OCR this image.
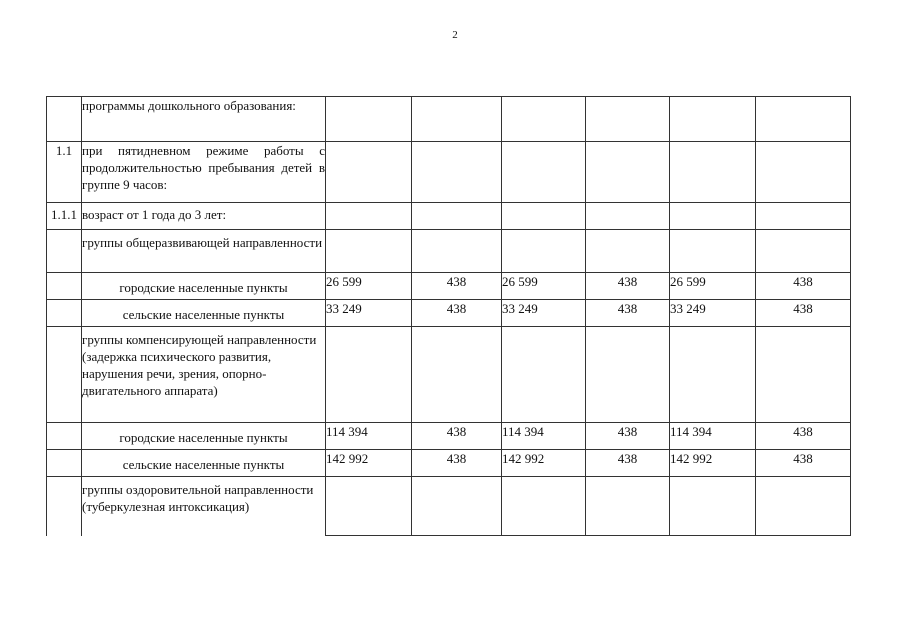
2
	программы дошкольного образования:						
1.1	при пятидневном режиме работы с продолжительностью пребывания детей в группе 9 часов:						
1.1.1	возраст от 1 года до 3 лет:						
	группы общеразвивающей направленности						
	городские населенные пункты	26 599	438	26 599	438	26 599	438
	сельские населенные пункты	33 249	438	33 249	438	33 249	438
	группы компенсирующей направленности (задержка психического развития, нарушения речи, зрения, опорно-двигательного аппарата)						
	городские населенные пункты	114 394	438	114 394	438	114 394	438
	сельские населенные пункты	142 992	438	142 992	438	142 992	438
	группы оздоровительной направленности (туберкулезная интоксикация)						
